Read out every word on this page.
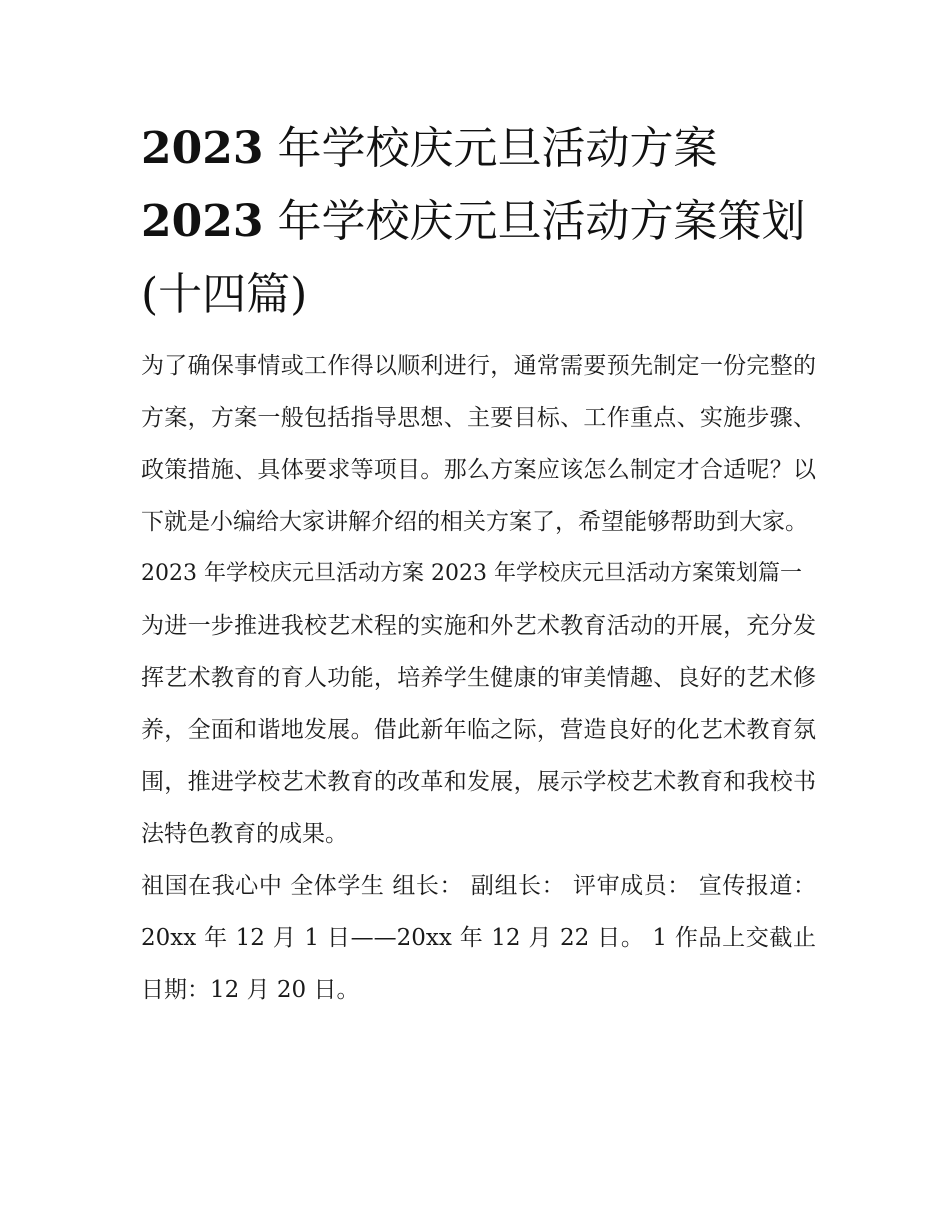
2023 年学校庆元旦活动方案2023 年学校庆元旦活动方案策划(十四篇)

为了确保事情或工作得以顺利进行，通常需要预先制定一份完整的方案，方案一般包括指导思想、主要目标、工作重点、实施步骤、政策措施、具体要求等项目。那么方案应该怎么制定才合适呢？以下就是小编给大家讲解介绍的相关方案了，希望能够帮助到大家。

2023 年学校庆元旦活动方案 2023 年学校庆元旦活动方案策划篇一

为进一步推进我校艺术程的实施和外艺术教育活动的开展，充分发挥艺术教育的育人功能，培养学生健康的审美情趣、良好的艺术修养，全面和谐地发展。借此新年临之际，营造良好的化艺术教育氛围，推进学校艺术教育的改革和发展，展示学校艺术教育和我校书法特色教育的成果。

祖国在我心中 全体学生 组长： 副组长： 评审成员： 宣传报道： 20xx 年 12 月 1 日——20xx 年 12 月 22 日。 1 作品上交截止日期：12 月 20 日。
